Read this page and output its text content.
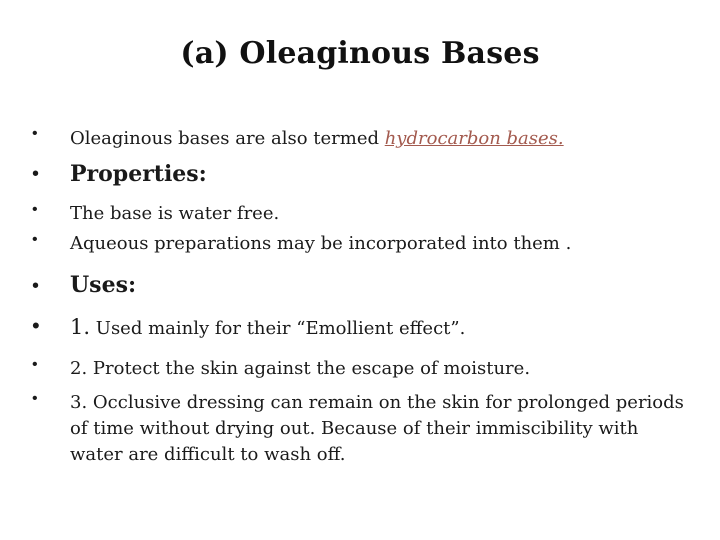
(a) Oleaginous Bases
• Oleaginous bases are also termed hydrocarbon bases.
• Properties:
• The base is water free.
• Aqueous preparations may be incorporated into them .
• Uses:
• 1. Used mainly for their “Emollient effect”.
• 2. Protect the skin against the escape of moisture.
• 3. Occlusive dressing can remain on the skin for prolonged periods of time without drying out. Because of their immiscibility with water are difficult to wash off.
